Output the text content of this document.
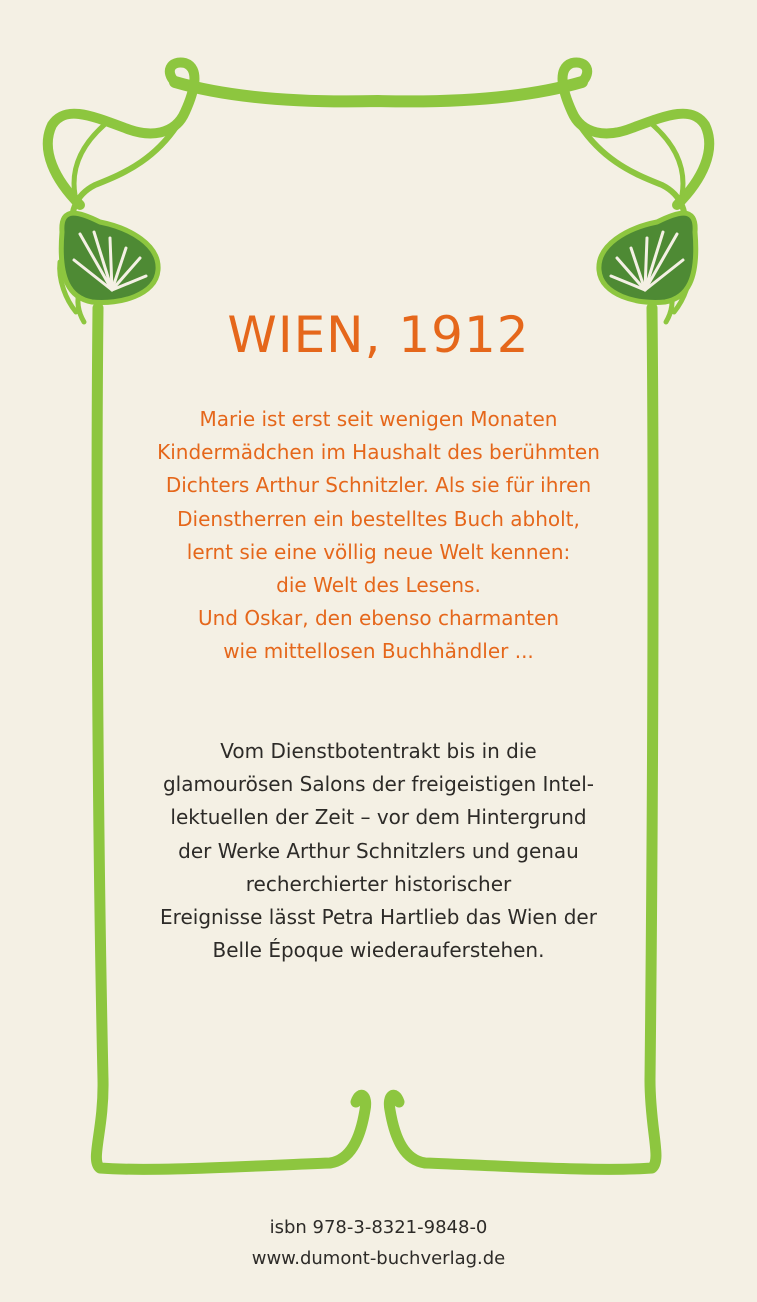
WIEN, 1912
Marie ist erst seit wenigen Monaten
Kindermädchen im Haushalt des berühmten
Dichters Arthur Schnitzler. Als sie für ihren
Dienstherren ein bestelltes Buch abholt,
lernt sie eine völlig neue Welt kennen:
die Welt des Lesens.
Und Oskar, den ebenso charmanten
wie mittellosen Buchhändler ...
Vom Dienstbotentrakt bis in die
glamourösen Salons der freigeistigen Intel-
lektuellen der Zeit – vor dem Hintergrund
der Werke Arthur Schnitzlers und genau
recherchierter historischer
Ereignisse lässt Petra Hartlieb das Wien der
Belle Époque wiederauferstehen.
isbn 978-3-8321-9848-0
www.dumont-buchverlag.de
